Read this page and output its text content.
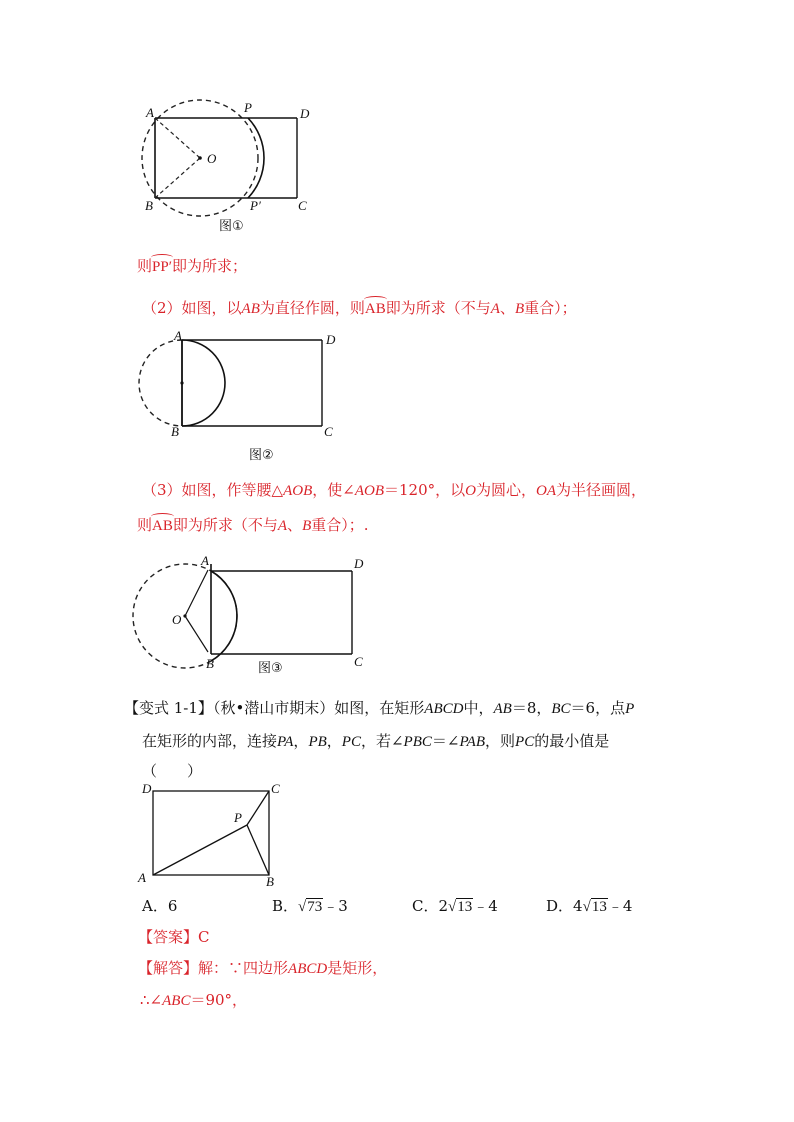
A	P	D
O
B	P′	C
图①
则PP′即为所求；
（2）如图，以AB为直径作圆，则AB即为所求（不与A、B重合）；
A	D
B	C
图②
（3）如图，作等腰△AOB，使∠AOB＝120°，以O为圆心，OA为半径画圆，
则AB即为所求（不与A、B重合）；.
A	D
O
B	C
图③
【变式 1-1】（秋•潜山市期末）如图，在矩形ABCD中，AB＝8，BC＝6，点P
在矩形的内部，连接PA，PB，PC，若∠PBC＝∠PAB，则PC的最小值是
（　　）
D	C
P
A	B
A．6	B．√73﹣3	C．2√13﹣4	D．4√13﹣4
【答案】C
【解答】解：∵四边形ABCD是矩形，
∴∠ABC＝90°，
